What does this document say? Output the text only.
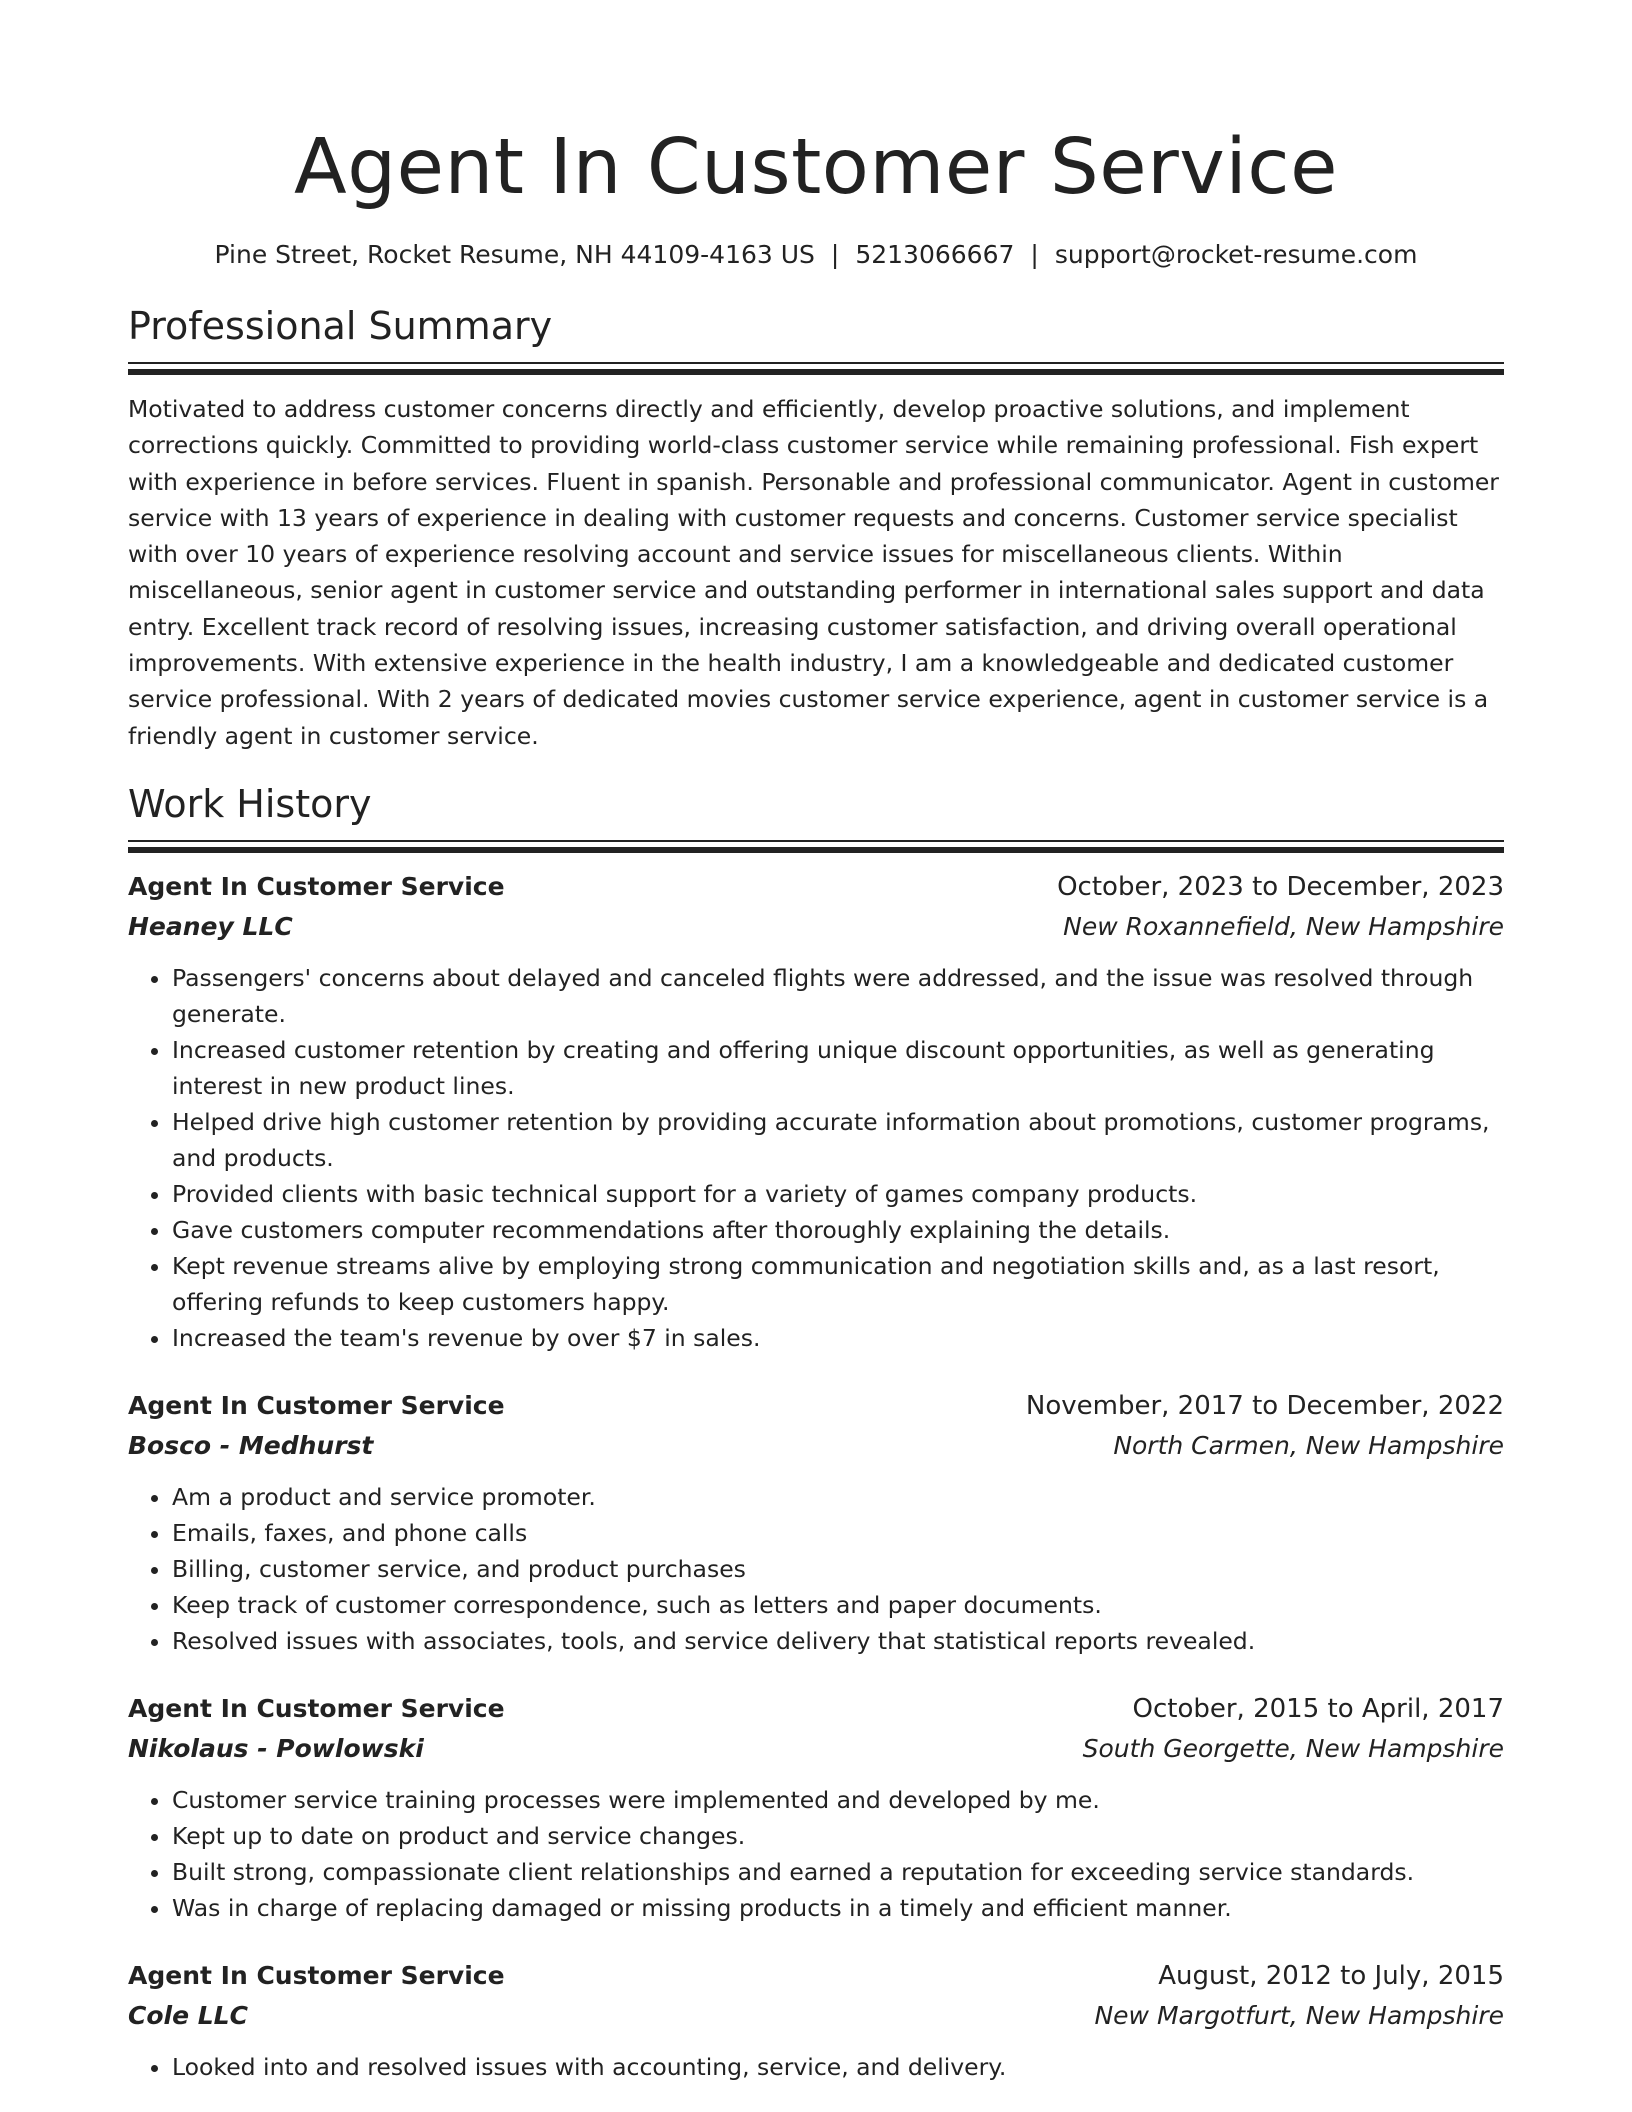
Agent In Customer Service
Pine Street, Rocket Resume, NH 44109-4163 US | 5213066667 | support@rocket-resume.com
Professional Summary

Motivated to address customer concerns directly and efficiently, develop proactive solutions, and implement corrections quickly. Committed to providing world-class customer service while remaining professional. Fish expert with experience in before services. Fluent in spanish. Personable and professional communicator. Agent in customer service with 13 years of experience in dealing with customer requests and concerns. Customer service specialist with over 10 years of experience resolving account and service issues for miscellaneous clients. Within miscellaneous, senior agent in customer service and outstanding performer in international sales support and data entry. Excellent track record of resolving issues, increasing customer satisfaction, and driving overall operational improvements. With extensive experience in the health industry, I am a knowledgeable and dedicated customer service professional. With 2 years of dedicated movies customer service experience, agent in customer service is a friendly agent in customer service.

Work History
Agent In Customer Service	October, 2023 to December, 2023
Heaney LLC	New Roxannefield, New Hampshire
• Passengers' concerns about delayed and canceled flights were addressed, and the issue was resolved through generate.
• Increased customer retention by creating and offering unique discount opportunities, as well as generating interest in new product lines.
• Helped drive high customer retention by providing accurate information about promotions, customer programs, and products.
• Provided clients with basic technical support for a variety of games company products.
• Gave customers computer recommendations after thoroughly explaining the details.
• Kept revenue streams alive by employing strong communication and negotiation skills and, as a last resort, offering refunds to keep customers happy.
• Increased the team's revenue by over $7 in sales.
Agent In Customer Service	November, 2017 to December, 2022
Bosco - Medhurst	North Carmen, New Hampshire
• Am a product and service promoter.
• Emails, faxes, and phone calls
• Billing, customer service, and product purchases
• Keep track of customer correspondence, such as letters and paper documents.
• Resolved issues with associates, tools, and service delivery that statistical reports revealed.
Agent In Customer Service	October, 2015 to April, 2017
Nikolaus - Powlowski	South Georgette, New Hampshire
• Customer service training processes were implemented and developed by me.
• Kept up to date on product and service changes.
• Built strong, compassionate client relationships and earned a reputation for exceeding service standards.
• Was in charge of replacing damaged or missing products in a timely and efficient manner.
Agent In Customer Service	August, 2012 to July, 2015
Cole LLC	New Margotfurt, New Hampshire
• Looked into and resolved issues with accounting, service, and delivery.
